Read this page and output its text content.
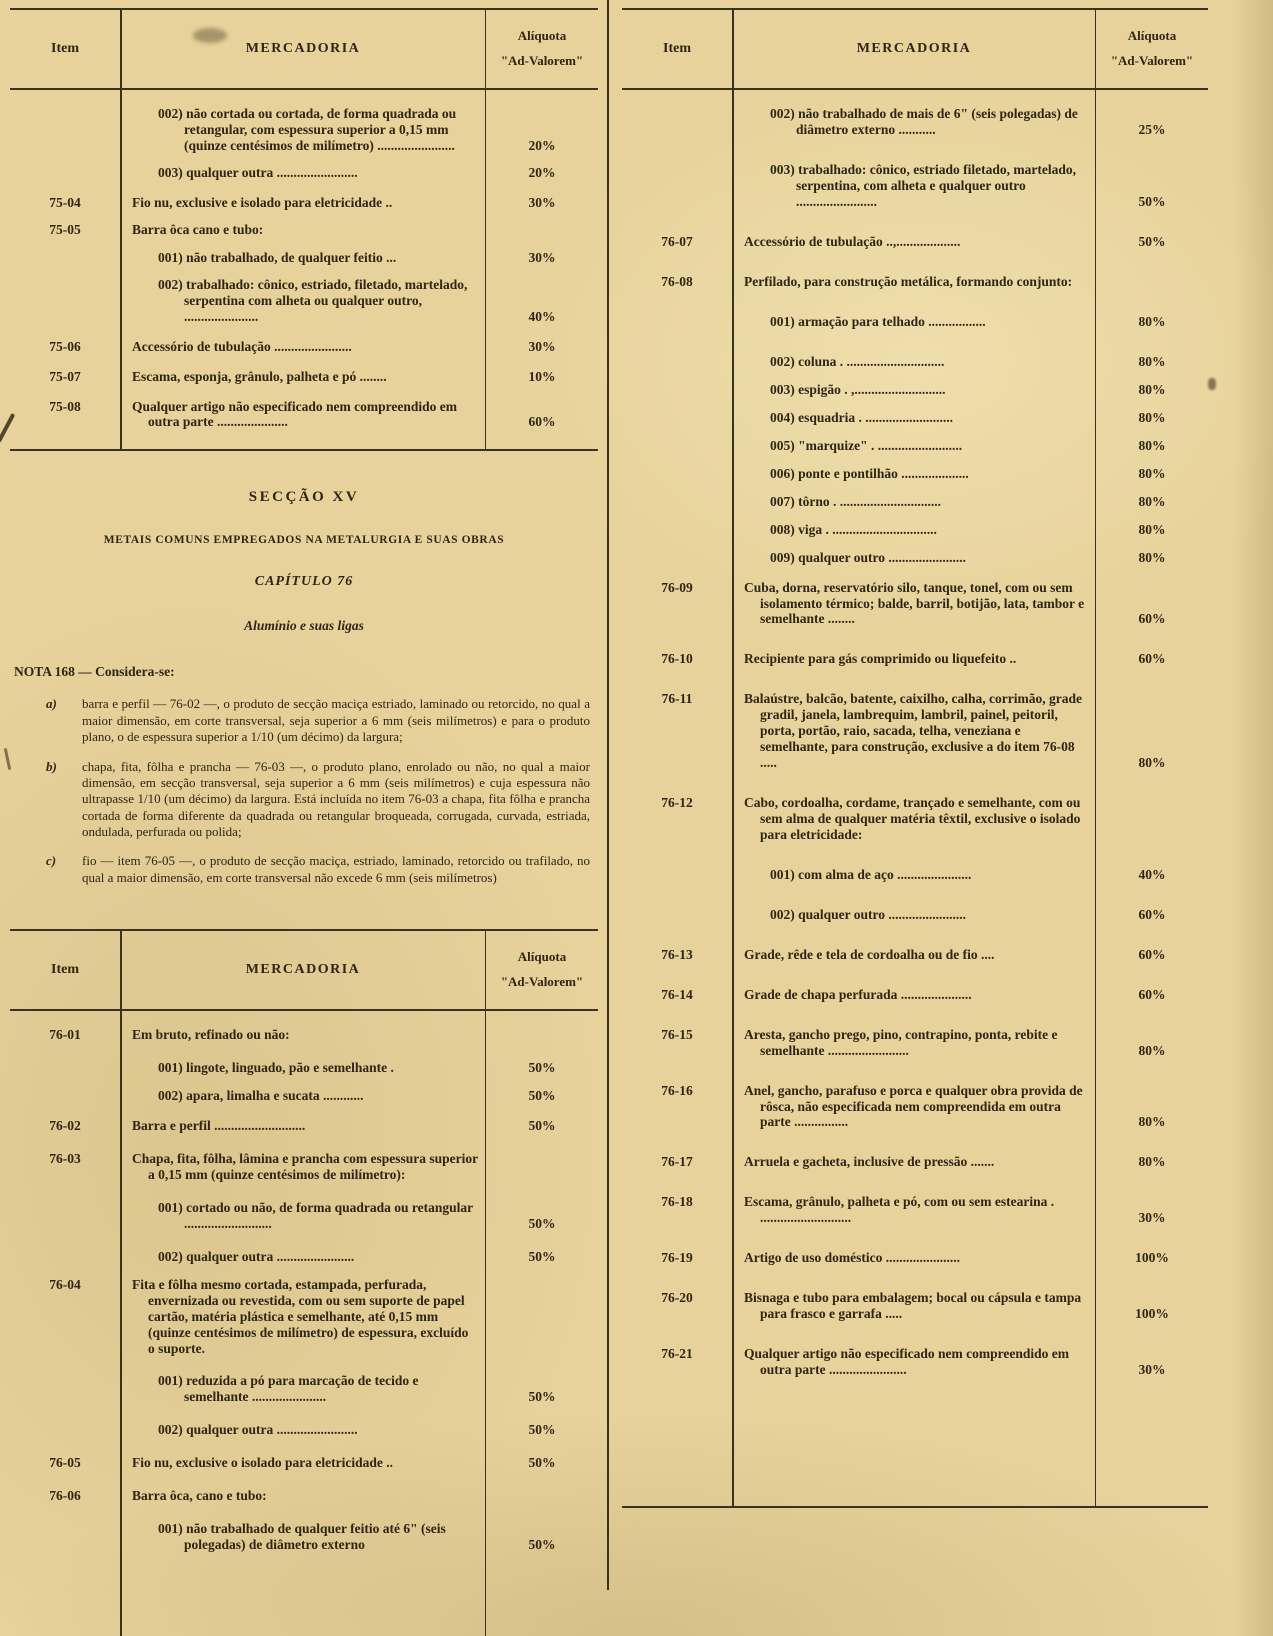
Item	MERCADORIA
Alíquota
"Ad-Valorem"
002) não cortada ou cortada, de forma quadrada ou retangular, com espessura superior a 0,15 mm (quinze centésimos de milímetro) .......................	20%
003) qualquer outra ........................	20%
75-04	Fio nu, exclusive e isolado para eletricidade ..	30%
75-05	Barra ôca cano e tubo:
001) não trabalhado, de qualquer feitio ...	30%
002) trabalhado: cônico, estriado, filetado, martelado, serpentina com alheta ou qualquer outro, ......................	40%
75-06	Accessório de tubulação .......................	30%
75-07	Escama, esponja, grânulo, palheta e pó ........	10%
75-08	Qualquer artigo não especificado nem compreendido em outra parte .....................	60%
SECÇÃO XV
METAIS COMUNS EMPREGADOS NA METALURGIA E SUAS OBRAS
CAPÍTULO 76
Alumínio e suas ligas
NOTA 168 — Considera-se:
a)	barra e perfil — 76-02 —, o produto de secção maciça estriado, laminado ou retorcido, no qual a maior dimensão, em corte transversal, seja superior a 6 mm (seis milímetros) e para o produto plano, o de espessura superior a 1/10 (um décimo) da largura;
b)	chapa, fita, fôlha e prancha — 76-03 —, o produto plano, enrolado ou não, no qual a maior dimensão, em secção transversal, seja superior a 6 mm (seis milímetros) e cuja espessura não ultrapasse 1/10 (um décimo) da largura. Está incluída no item 76-03 a chapa, fita fôlha e prancha cortada de forma diferente da quadrada ou retangular broqueada, corrugada, curvada, estriada, ondulada, perfurada ou polida;
c)	fio — item 76-05 —, o produto de secção maciça, estriado, laminado, retorcido ou trafilado, no qual a maior dimensão, em corte transversal não excede 6 mm (seis milímetros)
Item	MERCADORIA
Alíquota
"Ad-Valorem"
76-01	Em bruto, refinado ou não:
001) lingote, linguado, pão e semelhante .	50%
002) apara, limalha e sucata ............	50%
76-02	Barra e perfil ...........................	50%
76-03	Chapa, fita, fôlha, lâmina e prancha com espessura superior a 0,15 mm (quinze centésimos de milímetro):
001) cortado ou não, de forma quadrada ou retangular ..........................	50%
002) qualquer outra .......................	50%
76-04	Fita e fôlha mesmo cortada, estampada, perfurada, envernizada ou revestida, com ou sem suporte de papel cartão, matéria plástica e semelhante, até 0,15 mm (quinze centésimos de milímetro) de espessura, excluído o suporte.
001) reduzida a pó para marcação de tecido e semelhante ......................	50%
002) qualquer outra ........................	50%
76-05	Fio nu, exclusive o isolado para eletricidade ..	50%
76-06	Barra ôca, cano e tubo:
001) não trabalhado de qualquer feitio até 6" (seis polegadas) de diâmetro externo	50%
Item	MERCADORIA
Alíquota
"Ad-Valorem"
002) não trabalhado de mais de 6" (seis polegadas) de diâmetro externo ...........	25%
003) trabalhado: cônico, estriado filetado, martelado, serpentina, com alheta e qualquer outro ........................	50%
76-07	Accessório de tubulação ..,...................	50%
76-08	Perfilado, para construção metálica, formando conjunto:
001) armação para telhado .................	80%
002) coluna . .............................	80%
003) espigão . ,...........................	80%
004) esquadria . ..........................	80%
005) "marquize" . .........................	80%
006) ponte e pontilhão ....................	80%
007) tôrno . ..............................	80%
008) viga . ...............................	80%
009) qualquer outro .......................	80%
76-09	Cuba, dorna, reservatório silo, tanque, tonel, com ou sem isolamento térmico; balde, barril, botijão, lata, tambor e semelhante ........	60%
76-10	Recipiente para gás comprimido ou liquefeito ..	60%
76-11	Balaústre, balcão, batente, caixilho, calha, corrimão, grade gradil, janela, lambrequim, lambril, painel, peitoril, porta, portão, raio, sacada, telha, veneziana e semelhante, para construção, exclusive a do item 76-08 .....	80%
76-12	Cabo, cordoalha, cordame, trançado e semelhante, com ou sem alma de qualquer matéria têxtil, exclusive o isolado para eletricidade:
001) com alma de aço ......................	40%
002) qualquer outro .......................	60%
76-13	Grade, rêde e tela de cordoalha ou de fio ....	60%
76-14	Grade de chapa perfurada .....................	60%
76-15	Aresta, gancho prego, pino, contrapino, ponta, rebite e semelhante ........................	80%
76-16	Anel, gancho, parafuso e porca e qualquer obra provida de rôsca, não especificada nem compreendida em outra parte ................	80%
76-17	Arruela e gacheta, inclusive de pressão .......	80%
76-18	Escama, grânulo, palheta e pó, com ou sem estearina . ...........................	30%
76-19	Artigo de uso doméstico ......................	100%
76-20	Bisnaga e tubo para embalagem; bocal ou cápsula e tampa para frasco e garrafa .....	100%
76-21	Qualquer artigo não especificado nem compreendido em outra parte .......................	30%
